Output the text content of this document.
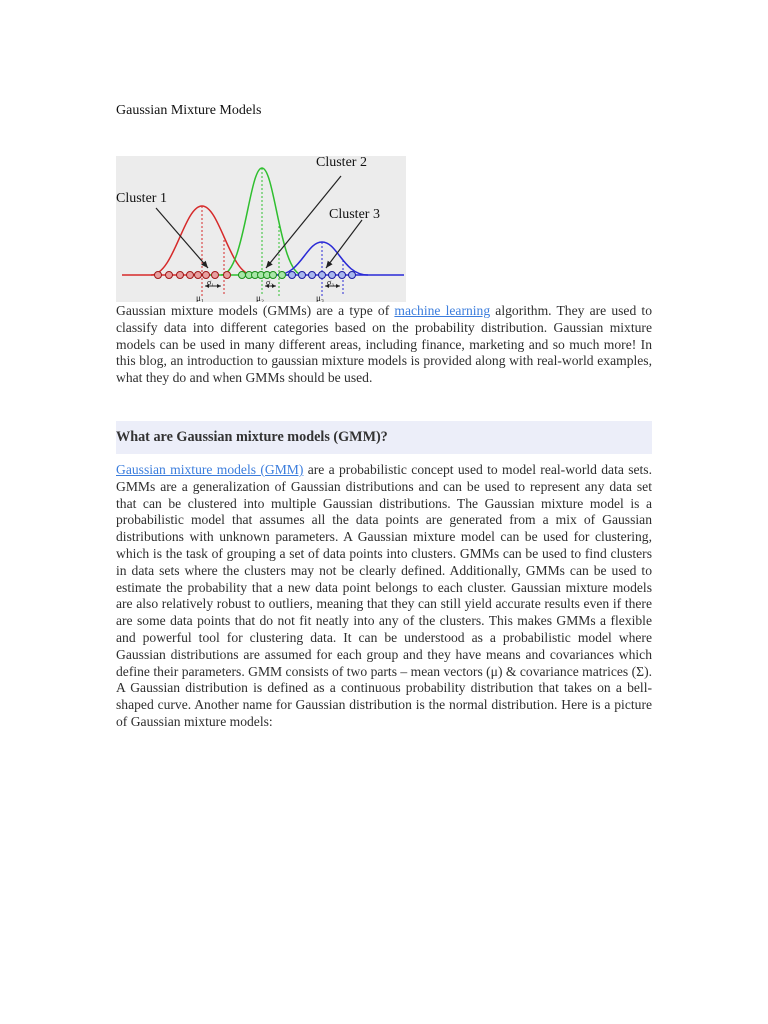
Gaussian Mixture Models
Cluster 1
Cluster 2
Cluster 3
σ₁	σ₂	σ₃
μ₁	μ₂	μ₃

Gaussian mixture models (GMMs) are a type of machine learning algorithm. They are used to classify data into different categories based on the probability distribution. Gaussian mixture models can be used in many different areas, including finance, marketing and so much more! In this blog, an introduction to gaussian mixture models is provided along with real-world examples, what they do and when GMMs should be used.

What are Gaussian mixture models (GMM)?

Gaussian mixture models (GMM) are a probabilistic concept used to model real-world data sets. GMMs are a generalization of Gaussian distributions and can be used to represent any data set that can be clustered into multiple Gaussian distributions. The Gaussian mixture model is a probabilistic model that assumes all the data points are generated from a mix of Gaussian distributions with unknown parameters. A Gaussian mixture model can be used for clustering, which is the task of grouping a set of data points into clusters. GMMs can be used to find clusters in data sets where the clusters may not be clearly defined. Additionally, GMMs can be used to estimate the probability that a new data point belongs to each cluster. Gaussian mixture models are also relatively robust to outliers, meaning that they can still yield accurate results even if there are some data points that do not fit neatly into any of the clusters. This makes GMMs a flexible and powerful tool for clustering data. It can be understood as a probabilistic model where Gaussian distributions are assumed for each group and they have means and covariances which define their parameters. GMM consists of two parts – mean vectors (μ) & covariance matrices (Σ). A Gaussian distribution is defined as a continuous probability distribution that takes on a bell-shaped curve. Another name for Gaussian distribution is the normal distribution. Here is a picture of Gaussian mixture models:
